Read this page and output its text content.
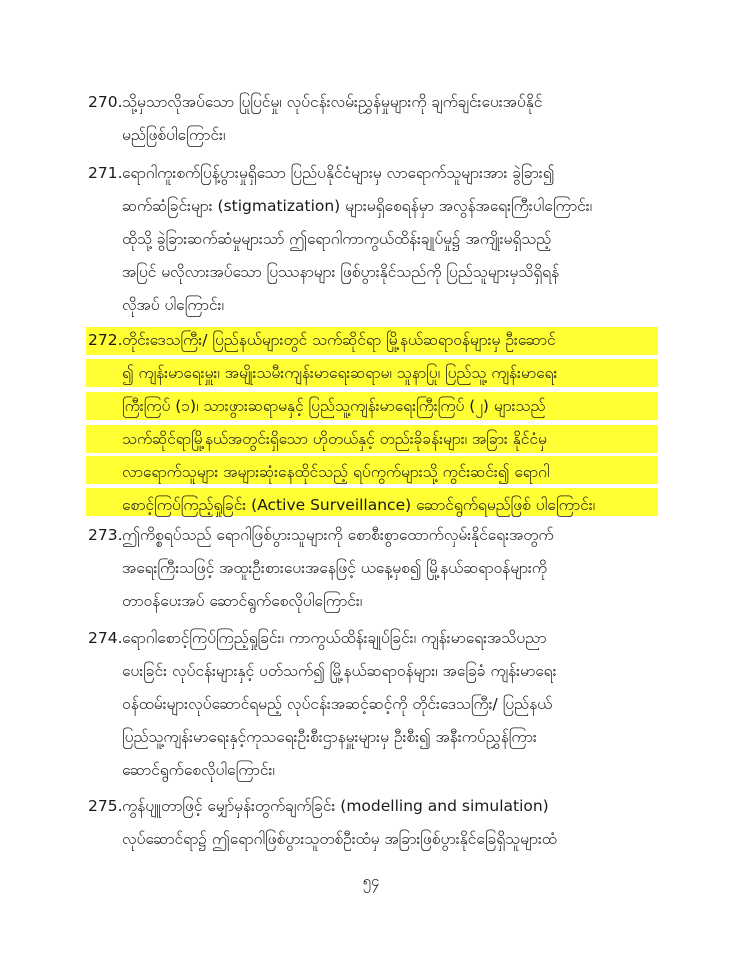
270.သို့မှသာလိုအပ်သော ပြုပြင်မှု၊ လုပ်ငန်းလမ်းညွှန်မှုများကို ချက်ချင်းပေးအပ်နိုင်
မည်ဖြစ်ပါကြောင်း၊

271.ရောဂါကူးစက်ပြန့်ပွားမှုရှိသော ပြည်ပနိုင်ငံများမှ လာရောက်သူများအား ခွဲခြား၍
ဆက်ဆံခြင်းများ (stigmatization) များမရှိစေရန်မှာ အလွန်အရေးကြီးပါကြောင်း၊
ထိုသို့ ခွဲခြားဆက်ဆံမှုများသာ် ဤရောဂါကာကွယ်ထိန်းချုပ်မှု၌ အကျိုးမရှိသည့်
အပြင် မလိုလားအပ်သော ပြဿနာများ ဖြစ်ပွားနိုင်သည်ကို ပြည်သူများမှသိရှိရန်
လိုအပ် ပါကြောင်း၊

272.တိုင်းဒေသကြီး/ ပြည်နယ်များတွင် သက်ဆိုင်ရာ မြို့နယ်ဆရာဝန်များမှ ဦးဆောင်
၍ ကျန်းမာရေးမှူး၊ အမျိုးသမီးကျန်းမာရေးဆရာမ၊ သူနာပြု၊ ပြည်သူ့ ကျန်းမာရေး
ကြီးကြပ် (၁)၊ သားဖွားဆရာမနှင့် ပြည်သူ့ကျန်းမာရေးကြီးကြပ် (၂) များသည်
သက်ဆိုင်ရာမြို့နယ်အတွင်းရှိသော ဟိုတယ်နှင့် တည်းခိုခန်းများ၊ အခြား နိုင်ငံမှ
လာရောက်သူများ အများဆုံးနေထိုင်သည့် ရပ်ကွက်များသို့ ကွင်းဆင်း၍ ရောဂါ
စောင့်ကြပ်ကြည့်ရှုခြင်း (Active Surveillance) ဆောင်ရွက်ရမည်ဖြစ် ပါကြောင်း၊

273.ဤကိစ္စရပ်သည် ရောဂါဖြစ်ပွားသူများကို စောစီးစွာထောက်လှမ်းနိုင်ရေးအတွက်
အရေးကြီးသဖြင့် အထူးဦးစားပေးအနေဖြင့် ယနေ့မှစ၍ မြို့နယ်ဆရာဝန်များကို
တာဝန်ပေးအပ် ဆောင်ရွက်စေလိုပါကြောင်း၊

274.ရောဂါစောင့်ကြပ်ကြည့်ရှုခြင်း၊ ကာကွယ်ထိန်းချုပ်ခြင်း၊ ကျန်းမာရေးအသိပညာ
ပေးခြင်း လုပ်ငန်းများနှင့် ပတ်သက်၍ မြို့နယ်ဆရာဝန်များ၊ အခြေခံ ကျန်းမာရေး
ဝန်ထမ်းများလုပ်ဆောင်ရမည့် လုပ်ငန်းအဆင့်ဆင့်ကို တိုင်းဒေသကြီး/ ပြည်နယ်
ပြည်သူ့ကျန်းမာရေးနှင့်ကုသရေးဦးစီးဌာနမှူးများမှ ဦးစီး၍ အနီးကပ်ညွှန်ကြား
ဆောင်ရွက်စေလိုပါကြောင်း၊

275.ကွန်ပျူတာဖြင့် မျှော်မှန်းတွက်ချက်ခြင်း (modelling and simulation)
လုပ်ဆောင်ရာ၌ ဤရောဂါဖြစ်ပွားသူတစ်ဦးထံမှ အခြားဖြစ်ပွားနိုင်ခြေရှိသူများထံ

၅၄
